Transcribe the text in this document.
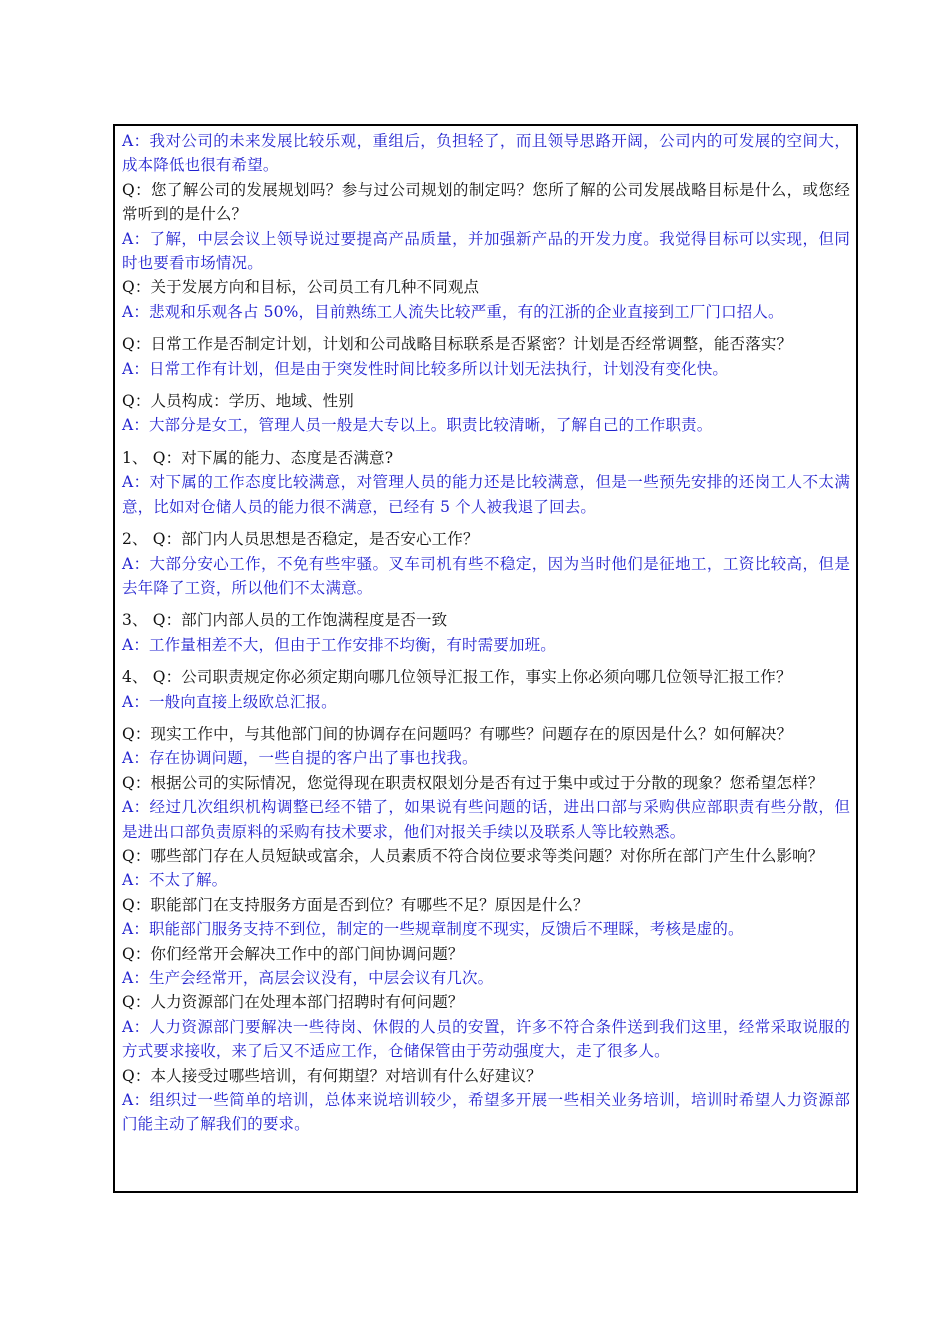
A：我对公司的未来发展比较乐观，重组后，负担轻了，而且领导思路开阔，公司内的可发展的空间大，成本降低也很有希望。

Q：您了解公司的发展规划吗？参与过公司规划的制定吗？您所了解的公司发展战略目标是什么，或您经常听到的是什么？

A：了解，中层会议上领导说过要提高产品质量，并加强新产品的开发力度。我觉得目标可以实现，但同时也要看市场情况。

Q：关于发展方向和目标，公司员工有几种不同观点

A：悲观和乐观各占 50%，目前熟练工人流失比较严重，有的江浙的企业直接到工厂门口招人。

Q：日常工作是否制定计划，计划和公司战略目标联系是否紧密？计划是否经常调整，能否落实？

A：日常工作有计划，但是由于突发性时间比较多所以计划无法执行，计划没有变化快。

Q：人员构成：学历、地域、性别

A：大部分是女工，管理人员一般是大专以上。职责比较清晰，了解自己的工作职责。

1、 Q：对下属的能力、态度是否满意?

A：对下属的工作态度比较满意，对管理人员的能力还是比较满意，但是一些预先安排的还岗工人不太满意，比如对仓储人员的能力很不满意，已经有 5 个人被我退了回去。

2、 Q：部门内人员思想是否稳定，是否安心工作？

A：大部分安心工作，不免有些牢骚。叉车司机有些不稳定，因为当时他们是征地工，工资比较高，但是去年降了工资，所以他们不太满意。

3、 Q：部门内部人员的工作饱满程度是否一致

A：工作量相差不大，但由于工作安排不均衡，有时需要加班。

4、 Q：公司职责规定你必须定期向哪几位领导汇报工作，事实上你必须向哪几位领导汇报工作？

A：一般向直接上级欧总汇报。

Q：现实工作中，与其他部门间的协调存在问题吗？有哪些？问题存在的原因是什么？如何解决？

A：存在协调问题，一些自提的客户出了事也找我。

Q：根据公司的实际情况，您觉得现在职责权限划分是否有过于集中或过于分散的现象？您希望怎样？

A：经过几次组织机构调整已经不错了，如果说有些问题的话，进出口部与采购供应部职责有些分散，但是进出口部负责原料的采购有技术要求，他们对报关手续以及联系人等比较熟悉。

Q：哪些部门存在人员短缺或富余，人员素质不符合岗位要求等类问题？对你所在部门产生什么影响？

A：不太了解。

Q：职能部门在支持服务方面是否到位？有哪些不足？原因是什么？

A：职能部门服务支持不到位，制定的一些规章制度不现实，反馈后不理睬，考核是虚的。

Q：你们经常开会解决工作中的部门间协调问题？

A：生产会经常开，高层会议没有，中层会议有几次。

Q：人力资源部门在处理本部门招聘时有何问题？

A：人力资源部门要解决一些待岗、休假的人员的安置，许多不符合条件送到我们这里，经常采取说服的方式要求接收，来了后又不适应工作，仓储保管由于劳动强度大，走了很多人。

Q：本人接受过哪些培训，有何期望？对培训有什么好建议？

A：组织过一些简单的培训，总体来说培训较少，希望多开展一些相关业务培训，培训时希望人力资源部门能主动了解我们的要求。
